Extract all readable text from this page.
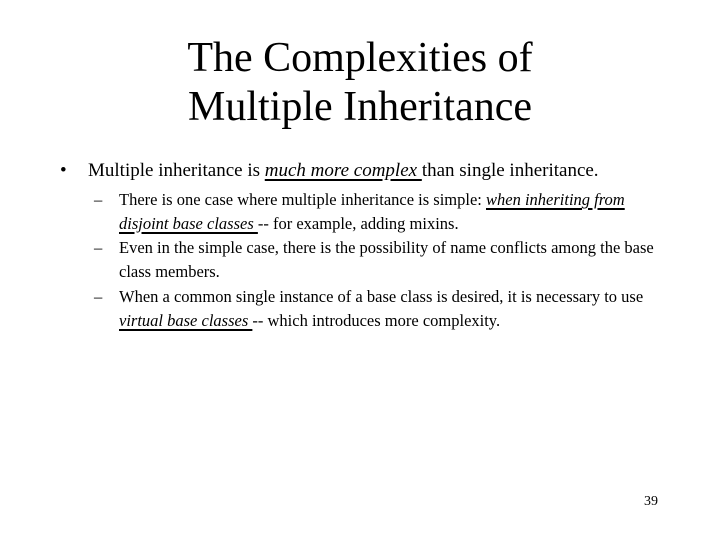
The Complexities of
Multiple Inheritance
•	Multiple inheritance is much more complex than single inheritance.
– There is one case where multiple inheritance is simple: when inheriting from disjoint base classes -- for example, adding mixins.
– Even in the simple case, there is the possibility of name conflicts among the base class members.
– When a common single instance of a base class is desired, it is necessary to use virtual base classes -- which introduces more complexity.
39
